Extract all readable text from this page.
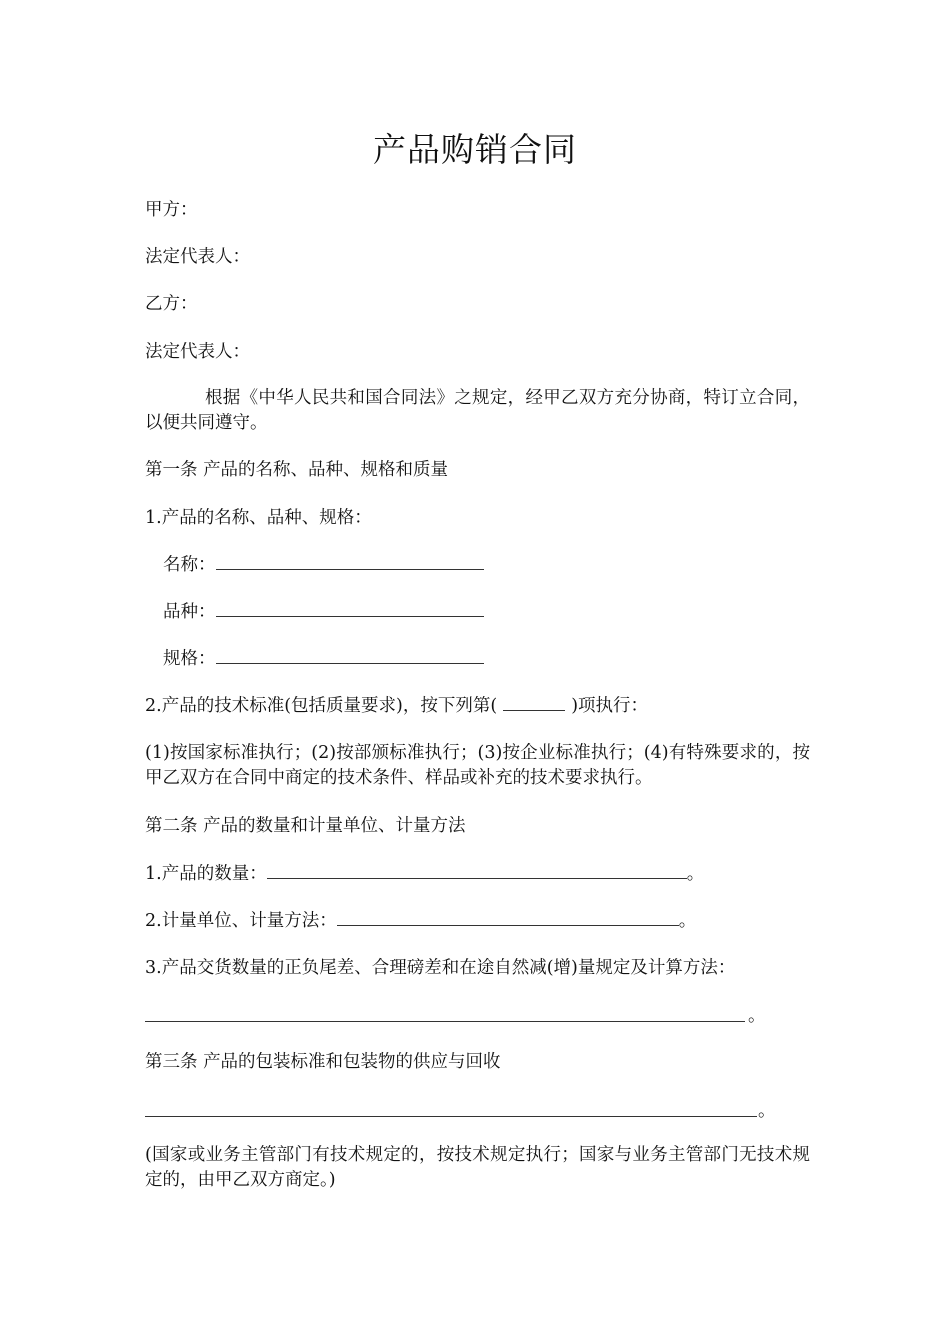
产品购销合同
甲方：
法定代表人：
乙方：
法定代表人：
根据《中华人民共和国合同法》之规定，经甲乙双方充分协商，特订立合同，以便共同遵守。
第一条 产品的名称、品种、规格和质量
1.产品的名称、品种、规格：
名称：
品种：
规格：
2.产品的技术标准(包括质量要求)，按下列第(	)项执行：
(1)按国家标准执行；(2)按部颁标准执行；(3)按企业标准执行；(4)有特殊要求的，按甲乙双方在合同中商定的技术条件、样品或补充的技术要求执行。
第二条 产品的数量和计量单位、计量方法
1.产品的数量：	。
2.计量单位、计量方法：	。
3.产品交货数量的正负尾差、合理磅差和在途自然减(增)量规定及计算方法：
。
第三条 产品的包装标准和包装物的供应与回收
。
(国家或业务主管部门有技术规定的，按技术规定执行；国家与业务主管部门无技术规定的，由甲乙双方商定。)
